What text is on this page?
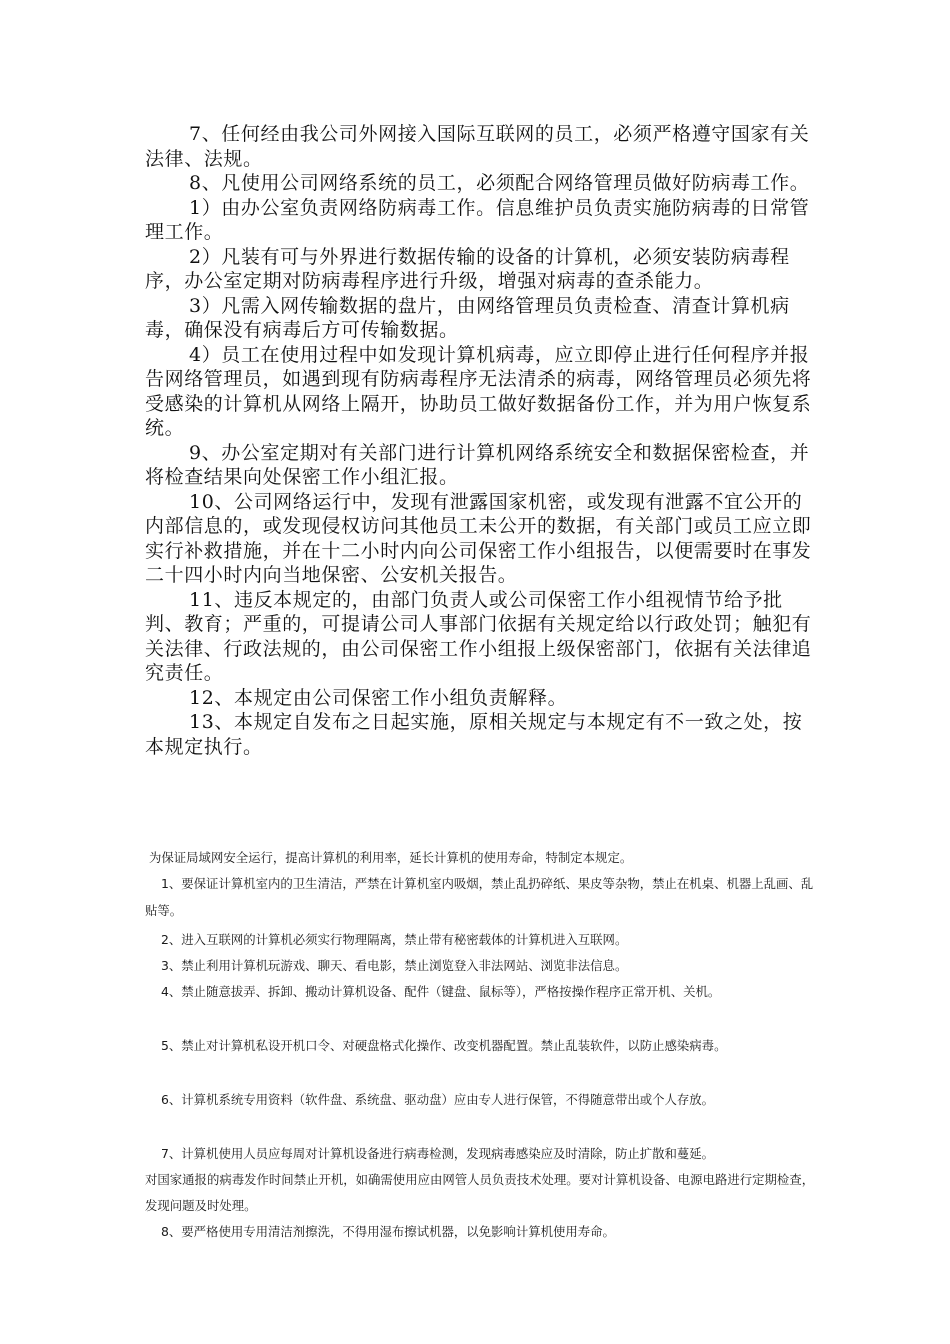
7、任何经由我公司外网接入国际互联网的员工，必须严格遵守国家有关法律、法规。

8、凡使用公司网络系统的员工，必须配合网络管理员做好防病毒工作。

1）由办公室负责网络防病毒工作。信息维护员负责实施防病毒的日常管理工作。

2）凡装有可与外界进行数据传输的设备的计算机，必须安装防病毒程序，办公室定期对防病毒程序进行升级，增强对病毒的查杀能力。

3）凡需入网传输数据的盘片，由网络管理员负责检查、清查计算机病毒，确保没有病毒后方可传输数据。

4）员工在使用过程中如发现计算机病毒，应立即停止进行任何程序并报告网络管理员，如遇到现有防病毒程序无法清杀的病毒，网络管理员必须先将受感染的计算机从网络上隔开，协助员工做好数据备份工作，并为用户恢复系统。

9、办公室定期对有关部门进行计算机网络系统安全和数据保密检查，并将检查结果向处保密工作小组汇报。

10、公司网络运行中，发现有泄露国家机密，或发现有泄露不宜公开的内部信息的，或发现侵权访问其他员工未公开的数据，有关部门或员工应立即实行补救措施，并在十二小时内向公司保密工作小组报告，以便需要时在事发二十四小时内向当地保密、公安机关报告。

11、违反本规定的，由部门负责人或公司保密工作小组视情节给予批判、教育；严重的，可提请公司人事部门依据有关规定给以行政处罚；触犯有关法律、行政法规的，由公司保密工作小组报上级保密部门，依据有关法律追究责任。

12、本规定由公司保密工作小组负责解释。

13、本规定自发布之日起实施，原相关规定与本规定有不一致之处，按本规定执行。

为保证局域网安全运行，提高计算机的利用率，延长计算机的使用寿命，特制定本规定。

1、要保证计算机室内的卫生清洁，严禁在计算机室内吸烟，禁止乱扔碎纸、果皮等杂物，禁止在机桌、机器上乱画、乱贴等。

2、进入互联网的计算机必须实行物理隔离，禁止带有秘密载体的计算机进入互联网。

3、禁止利用计算机玩游戏、聊天、看电影，禁止浏览登入非法网站、浏览非法信息。

4、禁止随意拔弄、拆卸、搬动计算机设备、配件（键盘、鼠标等），严格按操作程序正常开机、关机。

5、禁止对计算机私设开机口令、对硬盘格式化操作、改变机器配置。禁止乱装软件，以防止感染病毒。

6、计算机系统专用资料（软件盘、系统盘、驱动盘）应由专人进行保管，不得随意带出或个人存放。

7、计算机使用人员应每周对计算机设备进行病毒检测，发现病毒感染应及时清除，防止扩散和蔓延。

对国家通报的病毒发作时间禁止开机，如确需使用应由网管人员负责技术处理。要对计算机设备、电源电路进行定期检查，发现问题及时处理。

8、要严格使用专用清洁剂擦洗，不得用湿布擦试机器，以免影响计算机使用寿命。
